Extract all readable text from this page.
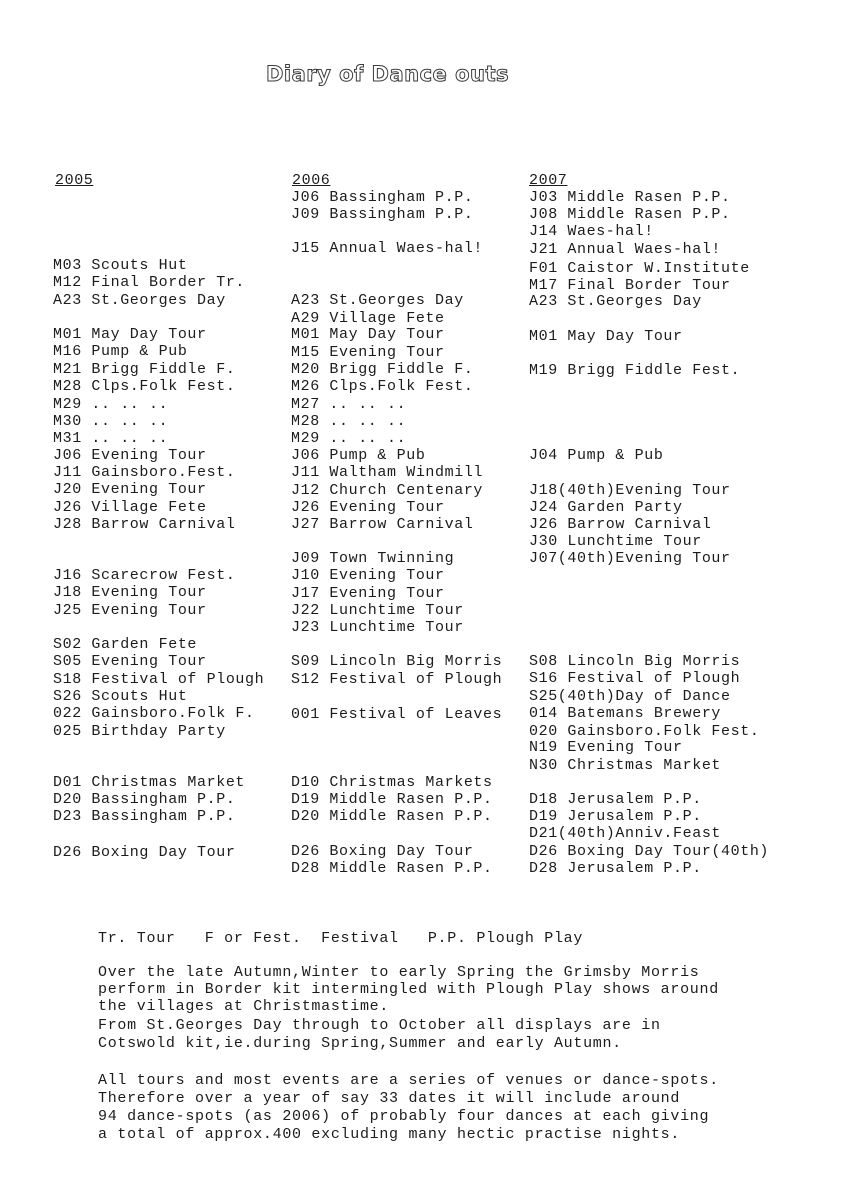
Diary of Dance outs
2005	2006	2007
M03 Scouts Hut
M12 Final Border Tr.
A23 St.Georges Day
M01 May Day Tour
M16 Pump & Pub
M21 Brigg Fiddle F.
M28 Clps.Folk Fest.
M29 .. .. ..
M30 .. .. ..
M31 .. .. ..
J06 Evening Tour
J11 Gainsboro.Fest.
J20 Evening Tour
J26 Village Fete
J28 Barrow Carnival
J16 Scarecrow Fest.
J18 Evening Tour
J25 Evening Tour
S02 Garden Fete
S05 Evening Tour
S18 Festival of Plough
S26 Scouts Hut
022 Gainsboro.Folk F.
025 Birthday Party
D01 Christmas Market
D20 Bassingham P.P.
D23 Bassingham P.P.
D26 Boxing Day Tour
J06 Bassingham P.P.
J09 Bassingham P.P.
J15 Annual Waes-hal!
A23 St.Georges Day
A29 Village Fete
M01 May Day Tour
M15 Evening Tour
M20 Brigg Fiddle F.
M26 Clps.Folk Fest.
M27 .. .. ..
M28 .. .. ..
M29 .. .. ..
J06 Pump & Pub
J11 Waltham Windmill
J12 Church Centenary
J26 Evening Tour
J27 Barrow Carnival
J09 Town Twinning
J10 Evening Tour
J17 Evening Tour
J22 Lunchtime Tour
J23 Lunchtime Tour
S09 Lincoln Big Morris
S12 Festival of Plough
001 Festival of Leaves
D10 Christmas Markets
D19 Middle Rasen P.P.
D20 Middle Rasen P.P.
D26 Boxing Day Tour
D28 Middle Rasen P.P.
J03 Middle Rasen P.P.
J08 Middle Rasen P.P.
J14 Waes-hal!
J21 Annual Waes-hal!
F01 Caistor W.Institute
M17 Final Border Tour
A23 St.Georges Day
M01 May Day Tour
M19 Brigg Fiddle Fest.
J04 Pump & Pub
J18(40th)Evening Tour
J24 Garden Party
J26 Barrow Carnival
J30 Lunchtime Tour
J07(40th)Evening Tour
S08 Lincoln Big Morris
S16 Festival of Plough
S25(40th)Day of Dance
014 Batemans Brewery
020 Gainsboro.Folk Fest.
N19 Evening Tour
N30 Christmas Market
D18 Jerusalem P.P.
D19 Jerusalem P.P.
D21(40th)Anniv.Feast
D26 Boxing Day Tour(40th)
D28 Jerusalem P.P.
Tr. Tour   F or Fest.  Festival   P.P. Plough Play
Over the late Autumn,Winter to early Spring the Grimsby Morris
perform in Border kit intermingled with Plough Play shows around
the villages at Christmastime.
From St.Georges Day through to October all displays are in
Cotswold kit,ie.during Spring,Summer and early Autumn.
All tours and most events are a series of venues or dance-spots.
Therefore over a year of say 33 dates it will include around
94 dance-spots (as 2006) of probably four dances at each giving
a total of approx.400 excluding many hectic practise nights.
